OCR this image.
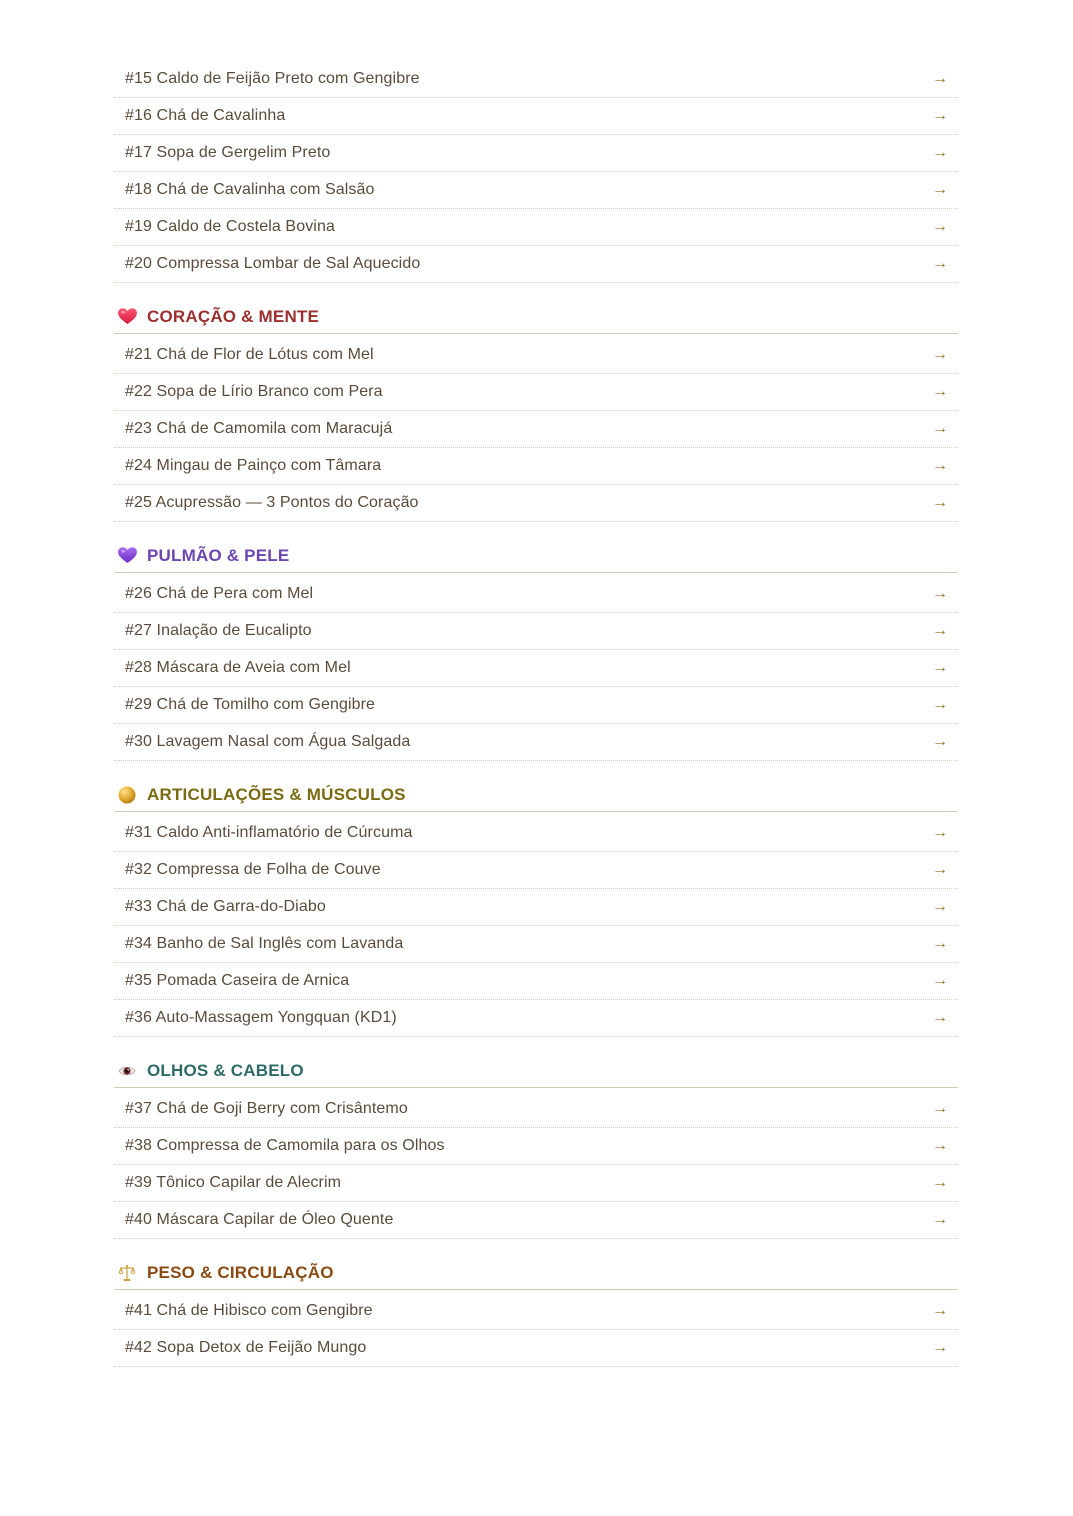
#15 Caldo de Feijão Preto com Gengibre	→
#16 Chá de Cavalinha	→
#17 Sopa de Gergelim Preto	→
#18 Chá de Cavalinha com Salsão	→
#19 Caldo de Costela Bovina	→
#20 Compressa Lombar de Sal Aquecido	→
CORAÇÃO & MENTE
#21 Chá de Flor de Lótus com Mel	→
#22 Sopa de Lírio Branco com Pera	→
#23 Chá de Camomila com Maracujá	→
#24 Mingau de Painço com Tâmara	→
#25 Acupressão — 3 Pontos do Coração	→
PULMÃO & PELE
#26 Chá de Pera com Mel	→
#27 Inalação de Eucalipto	→
#28 Máscara de Aveia com Mel	→
#29 Chá de Tomilho com Gengibre	→
#30 Lavagem Nasal com Água Salgada	→
ARTICULAÇÕES & MÚSCULOS
#31 Caldo Anti-inflamatório de Cúrcuma	→
#32 Compressa de Folha de Couve	→
#33 Chá de Garra-do-Diabo	→
#34 Banho de Sal Inglês com Lavanda	→
#35 Pomada Caseira de Arnica	→
#36 Auto-Massagem Yongquan (KD1)	→
OLHOS & CABELO
#37 Chá de Goji Berry com Crisântemo	→
#38 Compressa de Camomila para os Olhos	→
#39 Tônico Capilar de Alecrim	→
#40 Máscara Capilar de Óleo Quente	→
PESO & CIRCULAÇÃO
#41 Chá de Hibisco com Gengibre	→
#42 Sopa Detox de Feijão Mungo	→
